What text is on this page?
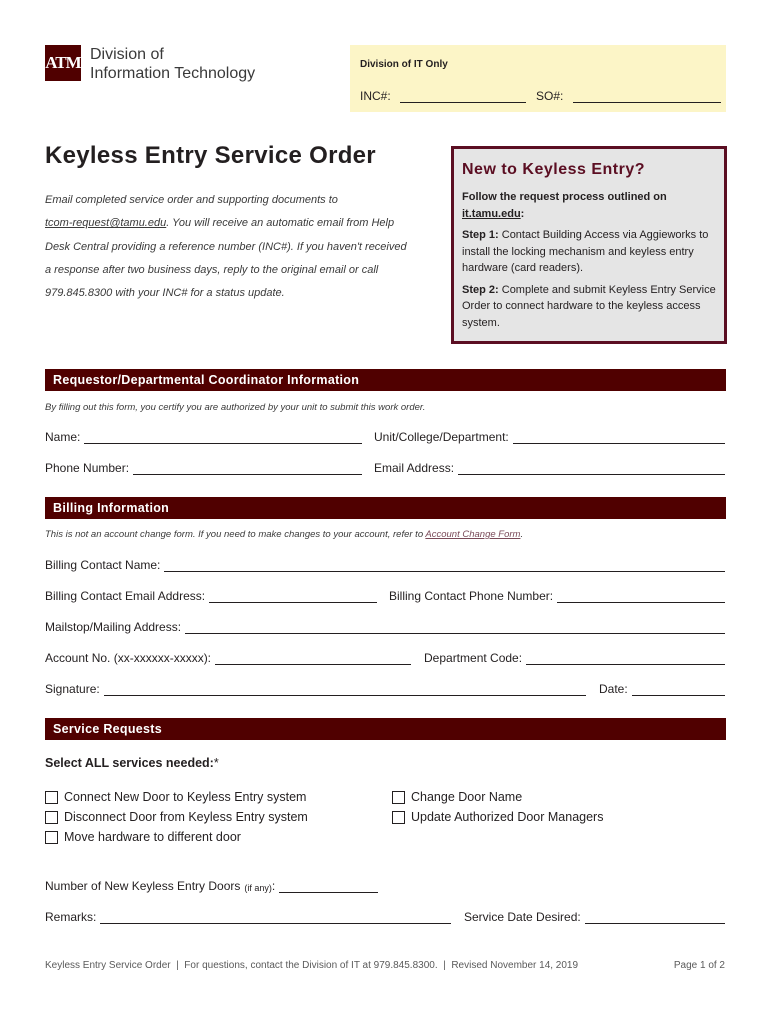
ATM Division of
Information Technology
Division of IT Only
INC#:	SO#:
Keyless Entry Service Order
Email completed service order and supporting documents to
tcom-request@tamu.edu. You will receive an automatic email from Help
Desk Central providing a reference number (INC#). If you haven't received
a response after two business days, reply to the original email or call
979.845.8300 with your INC# for a status update.
New to Keyless Entry?

Follow the request process outlined on
it.tamu.edu:

Step 1: Contact Building Access via Aggieworks to install the locking mechanism and keyless entry hardware (card readers).

Step 2: Complete and submit Keyless Entry Service Order to connect hardware to the keyless access system.

Requestor/Departmental Coordinator Information
By filling out this form, you certify you are authorized by your unit to submit this work order.
Name:	Unit/College/Department:
Phone Number:	Email Address:
Billing Information
This is not an account change form. If you need to make changes to your account, refer to Account Change Form.
Billing Contact Name:
Billing Contact Email Address:	Billing Contact Phone Number:
Mailstop/Mailing Address:
Account No. (xx-xxxxxx-xxxxx):	Department Code:
Signature:	Date:
Service Requests
Select ALL services needed:*
Connect New Door to Keyless Entry system
Disconnect Door from Keyless Entry system
Move hardware to different door
Change Door Name
Update Authorized Door Managers
Number of New Keyless Entry Doors (if any) :
Remarks:	Service Date Desired:
Keyless Entry Service Order  |  For questions, contact the Division of IT at 979.845.8300.  |  Revised November 14, 2019	Page 1 of 2
